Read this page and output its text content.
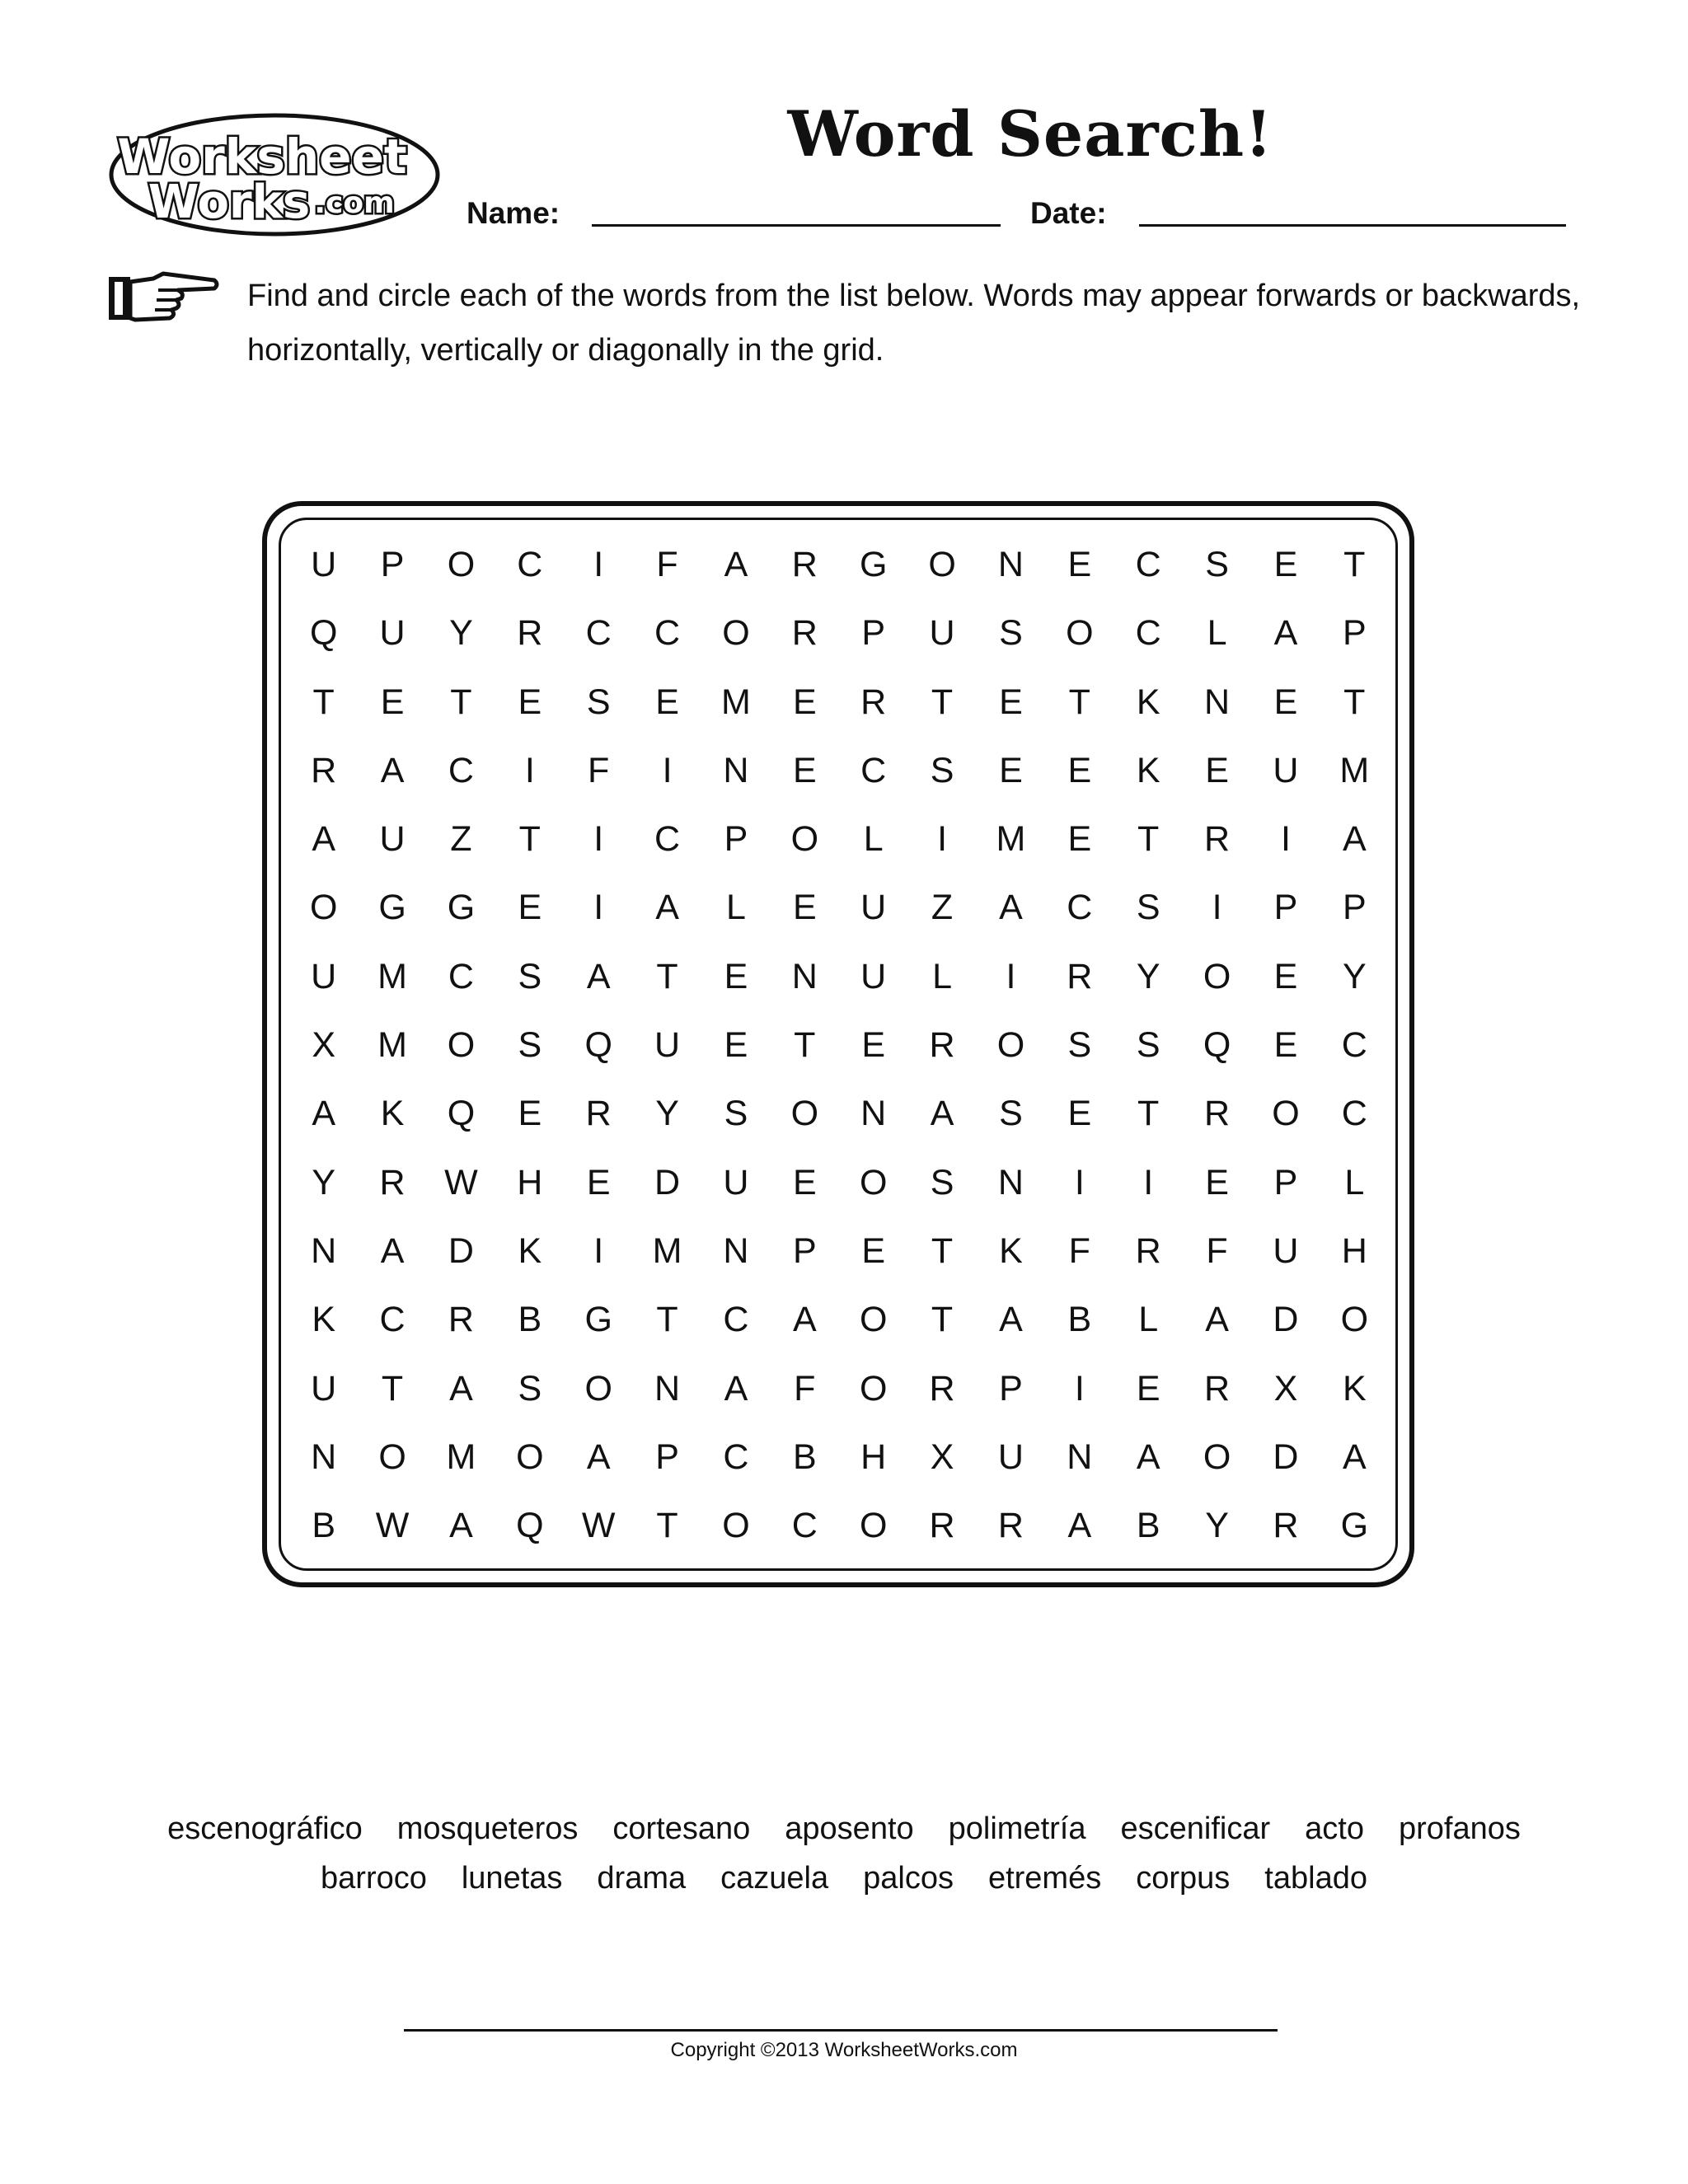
Worksheet
Works .com
Word Search!
Name:	Date:

Find and circle each of the words from the list below. Words may appear forwards or backwards, horizontally, vertically or diagonally in the grid.

U	P	O	C	I	F	A	R	G	O	N	E	C	S	E	T
Q	U	Y	R	C	C	O	R	P	U	S	O	C	L	A	P
T	E	T	E	S	E	M	E	R	T	E	T	K	N	E	T
R	A	C	I	F	I	N	E	C	S	E	E	K	E	U	M
A	U	Z	T	I	C	P	O	L	I	M	E	T	R	I	A
O	G	G	E	I	A	L	E	U	Z	A	C	S	I	P	P
U	M	C	S	A	T	E	N	U	L	I	R	Y	O	E	Y
X	M	O	S	Q	U	E	T	E	R	O	S	S	Q	E	C
A	K	Q	E	R	Y	S	O	N	A	S	E	T	R	O	C
Y	R	W	H	E	D	U	E	O	S	N	I	I	E	P	L
N	A	D	K	I	M	N	P	E	T	K	F	R	F	U	H
K	C	R	B	G	T	C	A	O	T	A	B	L	A	D	O
U	T	A	S	O	N	A	F	O	R	P	I	E	R	X	K
N	O	M	O	A	P	C	B	H	X	U	N	A	O	D	A
B	W	A	Q	W	T	O	C	O	R	R	A	B	Y	R	G
escenográfico mosqueteros cortesano aposento polimetría escenificar acto profanos
barroco lunetas drama cazuela palcos etremés corpus tablado
Copyright ©2013 WorksheetWorks.com
